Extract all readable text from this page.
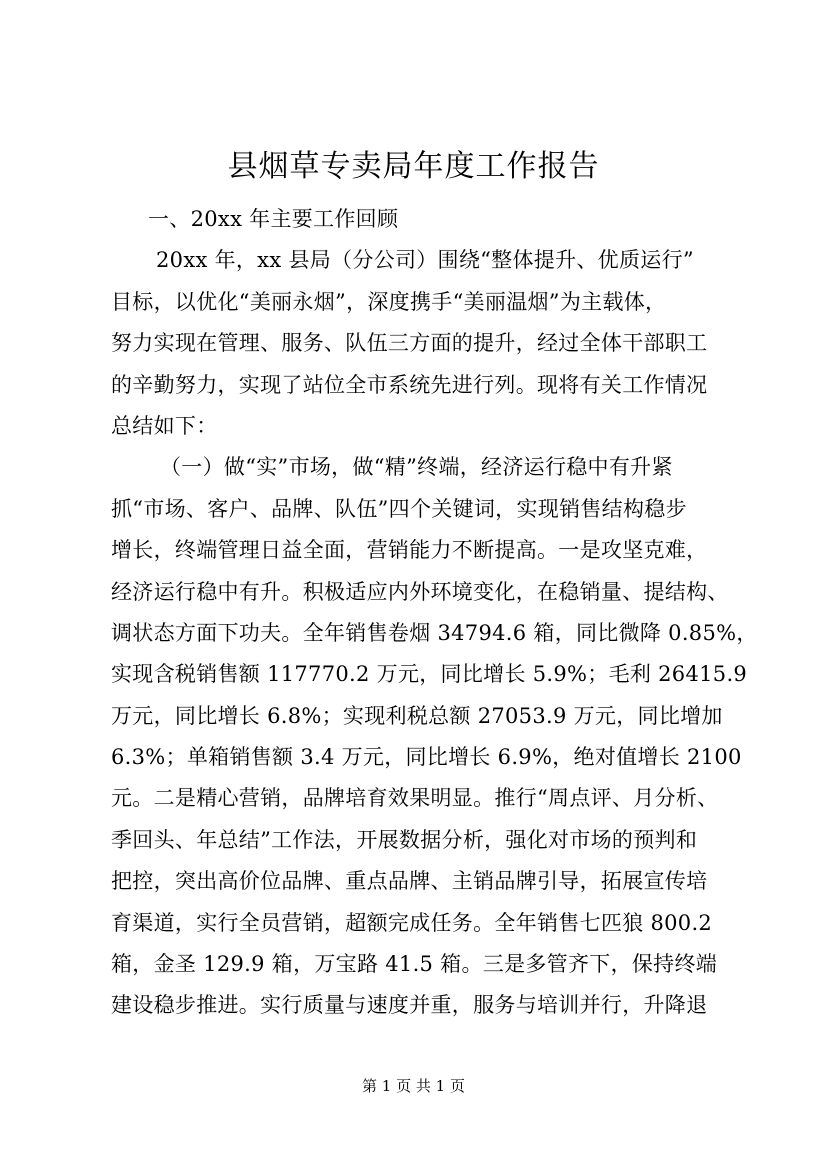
县烟草专卖局年度工作报告
一、20xx 年主要工作回顾
20xx 年，xx 县局（分公司）围绕“整体提升、优质运行”
目标，以优化“美丽永烟”，深度携手“美丽温烟”为主载体，
努力实现在管理、服务、队伍三方面的提升，经过全体干部职工
的辛勤努力，实现了站位全市系统先进行列。现将有关工作情况
总结如下：
（一）做“实”市场，做“精”终端，经济运行稳中有升紧
抓“市场、客户、品牌、队伍”四个关键词，实现销售结构稳步
增长，终端管理日益全面，营销能力不断提高。一是攻坚克难，
经济运行稳中有升。积极适应内外环境变化，在稳销量、提结构、
调状态方面下功夫。全年销售卷烟 34794.6 箱，同比微降 0.85%，
实现含税销售额 117770.2 万元，同比增长 5.9%；毛利 26415.9
万元，同比增长 6.8%；实现利税总额 27053.9 万元，同比增加
6.3%；单箱销售额 3.4 万元，同比增长 6.9%，绝对值增长 2100
元。二是精心营销，品牌培育效果明显。推行“周点评、月分析、
季回头、年总结”工作法，开展数据分析，强化对市场的预判和
把控，突出高价位品牌、重点品牌、主销品牌引导，拓展宣传培
育渠道，实行全员营销，超额完成任务。全年销售七匹狼 800.2
箱，金圣 129.9 箱，万宝路 41.5 箱。三是多管齐下，保持终端
建设稳步推进。实行质量与速度并重，服务与培训并行，升降退
第 1 页 共 1 页
